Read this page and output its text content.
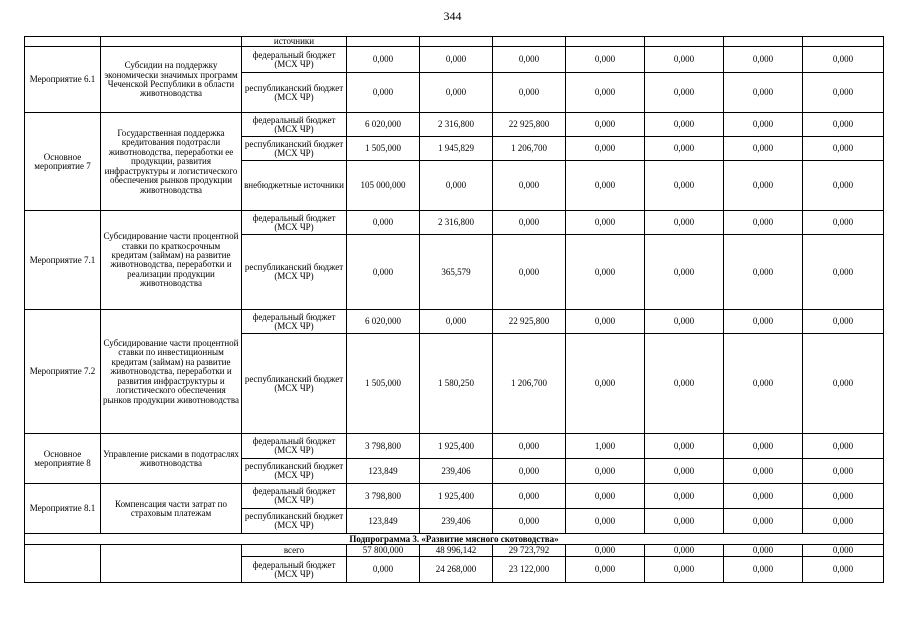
344
		источники							
Мероприятие 6.1	Субсидии на поддержку экономически значимых программ Чеченской Республики в области животноводства	федеральный бюджет (МСХ ЧР)	0,000	0,000	0,000	0,000	0,000	0,000	0,000
		республиканский бюджет (МСХ ЧР)	0,000	0,000	0,000	0,000	0,000	0,000	0,000
Основное мероприятие 7	Государственная поддержка кредитования подотрасли животноводства, переработки ее продукции, развития инфраструктуры и логистического обеспечения рынков продукции животноводства	федеральный бюджет (МСХ ЧР)	6 020,000	2 316,800	22 925,800	0,000	0,000	0,000	0,000
		республиканский бюджет (МСХ ЧР)	1 505,000	1 945,829	1 206,700	0,000	0,000	0,000	0,000
		внебюджетные источники	105 000,000	0,000	0,000	0,000	0,000	0,000	0,000
Мероприятие 7.1	Субсидирование части процентной ставки по краткосрочным кредитам (займам) на развитие животноводства, переработки и реализации продукции животноводства	федеральный бюджет (МСХ ЧР)	0,000	2 316,800	0,000	0,000	0,000	0,000	0,000
		республиканский бюджет (МСХ ЧР)	0,000	365,579	0,000	0,000	0,000	0,000	0,000
Мероприятие 7.2	Субсидирование части процентной ставки по инвестиционным кредитам (займам) на развитие животноводства, переработки и развития инфраструктуры и логистического обеспечения рынков продукции животноводства	федеральный бюджет (МСХ ЧР)	6 020,000	0,000	22 925,800	0,000	0,000	0,000	0,000
		республиканский бюджет (МСХ ЧР)	1 505,000	1 580,250	1 206,700	0,000	0,000	0,000	0,000
Основное мероприятие 8	Управление рисками в подотраслях животноводства	федеральный бюджет (МСХ ЧР)	3 798,800	1 925,400	0,000	1,000	0,000	0,000	0,000
		республиканский бюджет (МСХ ЧР)	123,849	239,406	0,000	0,000	0,000	0,000	0,000
Мероприятие 8.1	Компенсация части затрат по страховым платежам	федеральный бюджет (МСХ ЧР)	3 798,800	1 925,400	0,000	0,000	0,000	0,000	0,000
		республиканский бюджет (МСХ ЧР)	123,849	239,406	0,000	0,000	0,000	0,000	0,000
Подпрограмма 3. «Развитие мясного скотоводства»									
		всего	57 800,000	48 996,142	29 723,792	0,000	0,000	0,000	0,000
		федеральный бюджет (МСХ ЧР)	0,000	24 268,000	23 122,000	0,000	0,000	0,000	0,000
